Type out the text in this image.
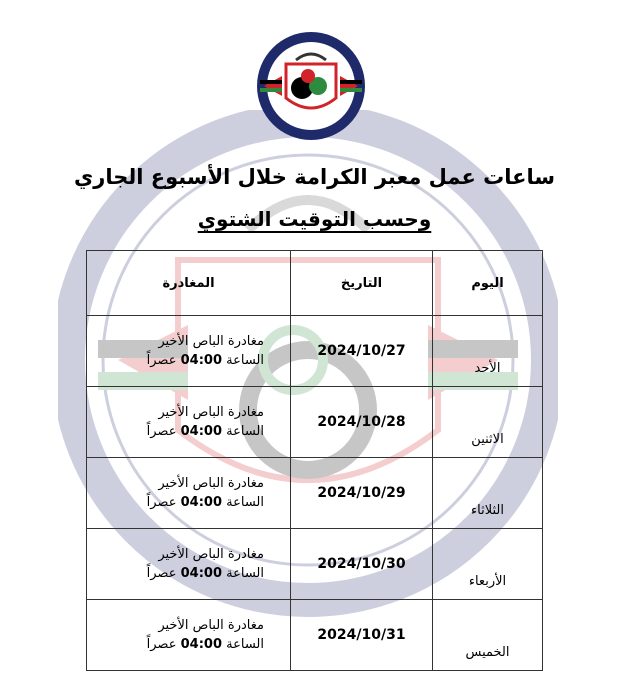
ساعات عمل معبر الكرامة خلال الأسبوع الجاري
وحسب التوقيت الشتوي
اليوم	التاريخ	المغادرة
الأحد	2024/10/27	مغادرة الباص الأخير
الساعة 04:00 عصراً

الاثنين	2024/10/28	مغادرة الباص الأخير
الساعة 04:00 عصراً

الثلاثاء	2024/10/29	مغادرة الباص الأخير
الساعة 04:00 عصراً

الأربعاء	2024/10/30	مغادرة الباص الأخير
الساعة 04:00 عصراً

الخميس	2024/10/31	مغادرة الباص الأخير
الساعة 04:00 عصراً
